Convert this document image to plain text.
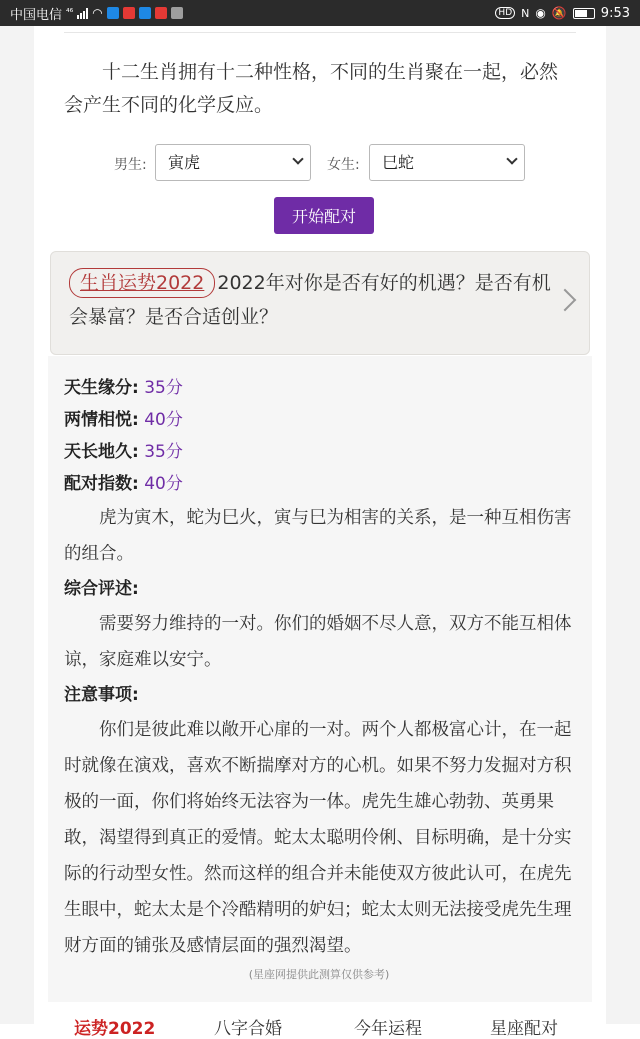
中国电信 ⁴⁶ ◠	HD N ◉ 🔕	9:53

十二生肖拥有十二种性格，不同的生肖聚在一起，必然会产生不同的化学反应。

男生:	寅虎	女生:	巳蛇
开始配对
生肖运势2022 2022年对你是否有好的机遇？是否有机会暴富？是否合适创业？
天生缘分: 35分
两情相悦: 40分
天长地久: 35分
配对指数: 40分

虎为寅木，蛇为巳火，寅与巳为相害的关系，是一种互相伤害的组合。

综合评述:

需要努力维持的一对。你们的婚姻不尽人意，双方不能互相体谅，家庭难以安宁。

注意事项:

你们是彼此难以敞开心扉的一对。两个人都极富心计，在一起时就像在演戏，喜欢不断揣摩对方的心机。如果不努力发掘对方积极的一面，你们将始终无法容为一体。虎先生雄心勃勃、英勇果敢，渴望得到真正的爱情。蛇太太聪明伶俐、目标明确，是十分实际的行动型女性。然而这样的组合并未能使双方彼此认可，在虎先生眼中，蛇太太是个冷酷精明的妒妇；蛇太太则无法接受虎先生理财方面的铺张及感情层面的强烈渴望。

(星座网提供此测算仅供参考)
运势2022	八字合婚	今年运程	星座配对
